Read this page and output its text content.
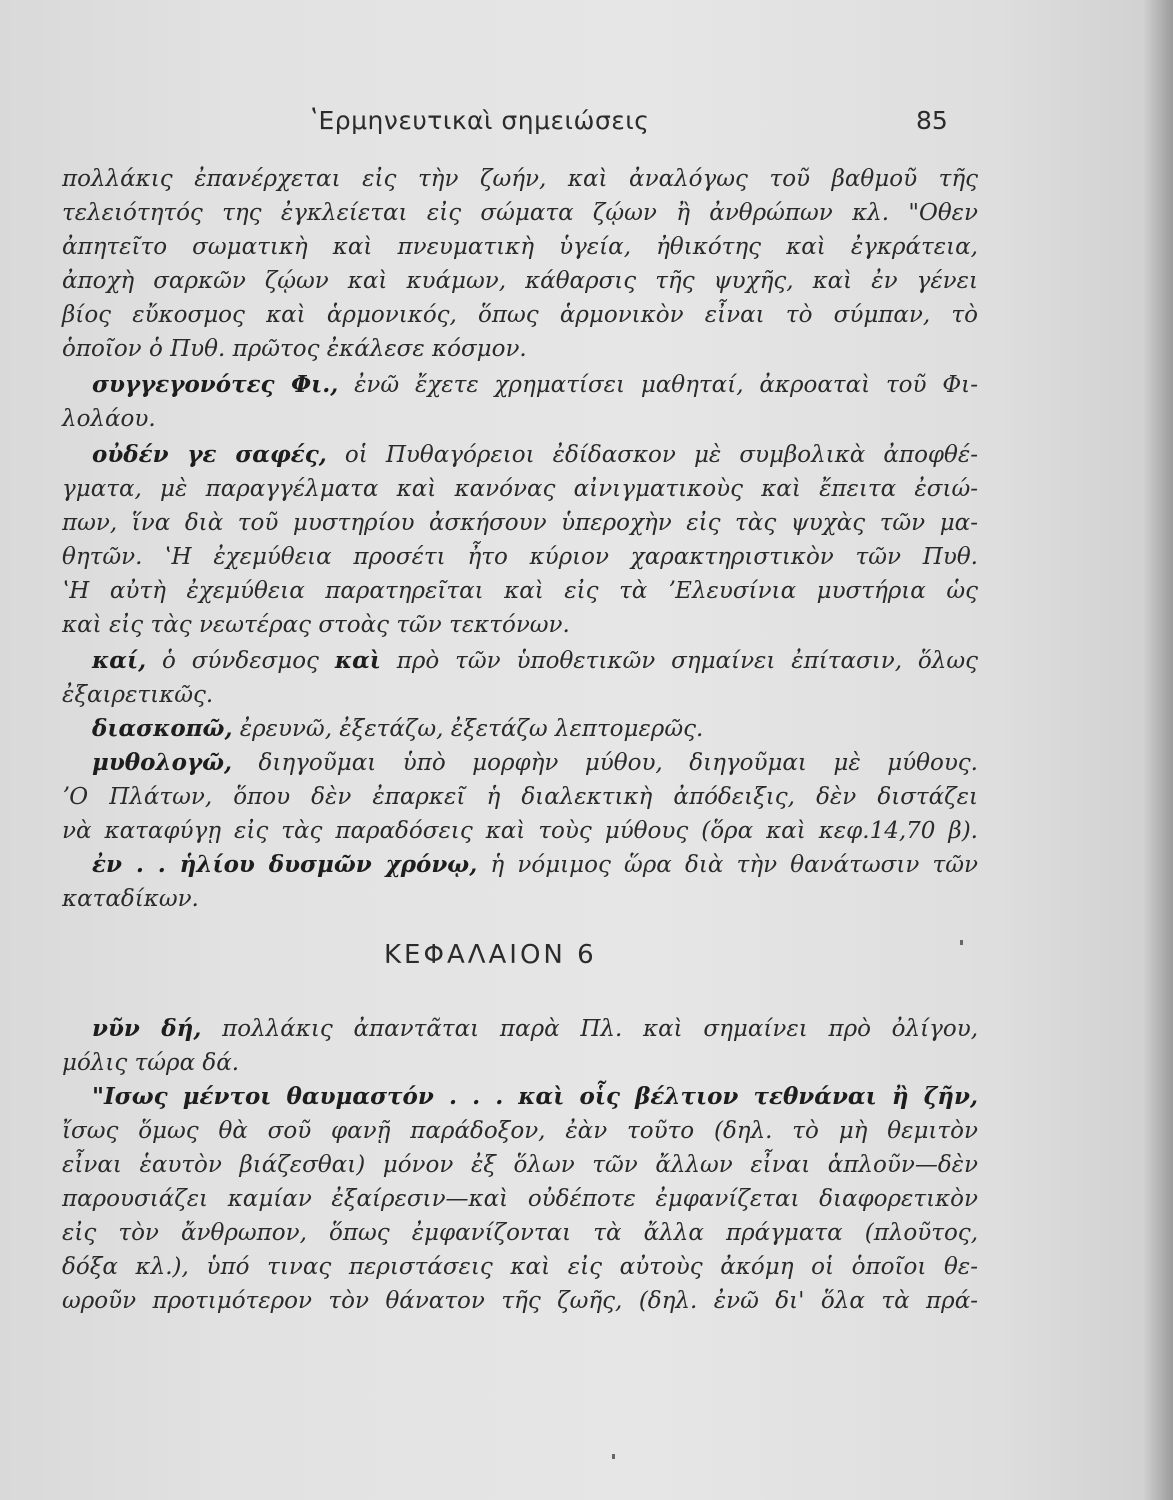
ʽΕρμηνευτικαὶ σημειώσεις	85
πολλάκις ἐπανέρχεται εἰς τὴν ζωήν, καὶ ἀναλόγως τοῦ βαθμοῦ τῆς
τελειότητός της ἐγκλείεται εἰς σώματα ζῴων ἢ ἀνθρώπων κλ. "Οθεν
ἀπητεῖτο σωματικὴ καὶ πνευματικὴ ὑγεία, ἠθικότης καὶ ἐγκράτεια,
ἀποχὴ σαρκῶν ζῴων καὶ κυάμων, κάθαρσις τῆς ψυχῆς, καὶ ἐν γένει
βίος εὔκοσμος καὶ ἁρμονικός, ὅπως ἁρμονικὸν εἶναι τὸ σύμπαν, τὸ
ὁποῖον ὁ Πυθ. πρῶτος ἐκάλεσε κόσμον.
συγγεγονότες Φι., ἐνῶ ἔχετε χρηματίσει μαθηταί, ἀκροαταὶ τοῦ Φι-
λολάου.
οὐδέν γε σαφές, οἱ Πυθαγόρειοι ἐδίδασκον μὲ συμβολικὰ ἀποφθέ-
γματα, μὲ παραγγέλματα καὶ κανόνας αἰνιγματικοὺς καὶ ἔπειτα ἐσιώ-
πων, ἵνα διὰ τοῦ μυστηρίου ἀσκήσουν ὑπεροχὴν εἰς τὰς ψυχὰς τῶν μα-
θητῶν. ʽΗ ἐχεμύθεια προσέτι ἦτο κύριον χαρακτηριστικὸν τῶν Πυθ.
ʽΗ αὐτὴ ἐχεμύθεια παρατηρεῖται καὶ εἰς τὰ ʼΕλευσίνια μυστήρια ὡς
καὶ εἰς τὰς νεωτέρας στοὰς τῶν τεκτόνων.
καί, ὁ σύνδεσμος καὶ πρὸ τῶν ὑποθετικῶν σημαίνει ἐπίτασιν, ὅλως
ἐξαιρετικῶς.
διασκοπῶ, ἐρευνῶ, ἐξετάζω, ἐξετάζω λεπτομερῶς.
μυθολογῶ, διηγοῦμαι ὑπὸ μορφὴν μύθου, διηγοῦμαι μὲ μύθους.
ʼΟ Πλάτων, ὅπου δὲν ἐπαρκεῖ ἡ διαλεκτικὴ ἀπόδειξις, δὲν διστάζει
νὰ καταφύγῃ εἰς τὰς παραδόσεις καὶ τοὺς μύθους (ὅρα καὶ κεφ.14,70 β).
ἐν . . ἡλίου δυσμῶν χρόνῳ, ἡ νόμιμος ὥρα διὰ τὴν θανάτωσιν τῶν
καταδίκων.
ΚΕΦΑΛΑΙΟΝ 6
νῦν δή, πολλάκις ἀπαντᾶται παρὰ Πλ. καὶ σημαίνει πρὸ ὀλίγου,
μόλις τώρα δά.
"Ισως μέντοι θαυμαστόν . . . καὶ οἷς βέλτιον τεθνάναι ἢ ζῆν,
ἴσως ὅμως θὰ σοῦ φανῇ παράδοξον, ἐὰν τοῦτο (δηλ. τὸ μὴ θεμιτὸν
εἶναι ἑαυτὸν βιάζεσθαι) μόνον ἐξ ὅλων τῶν ἄλλων εἶναι ἁπλοῦν—δὲν
παρουσιάζει καμίαν ἐξαίρεσιν—καὶ οὐδέποτε ἐμφανίζεται διαφορετικὸν
εἰς τὸν ἄνθρωπον, ὅπως ἐμφανίζονται τὰ ἄλλα πράγματα (πλοῦτος,
δόξα κλ.), ὑπό τινας περιστάσεις καὶ εἰς αὐτοὺς ἀκόμη οἱ ὁποῖοι θε-
ωροῦν προτιμότερον τὸν θάνατον τῆς ζωῆς, (δηλ. ἐνῶ δι' ὅλα τὰ πρά-
